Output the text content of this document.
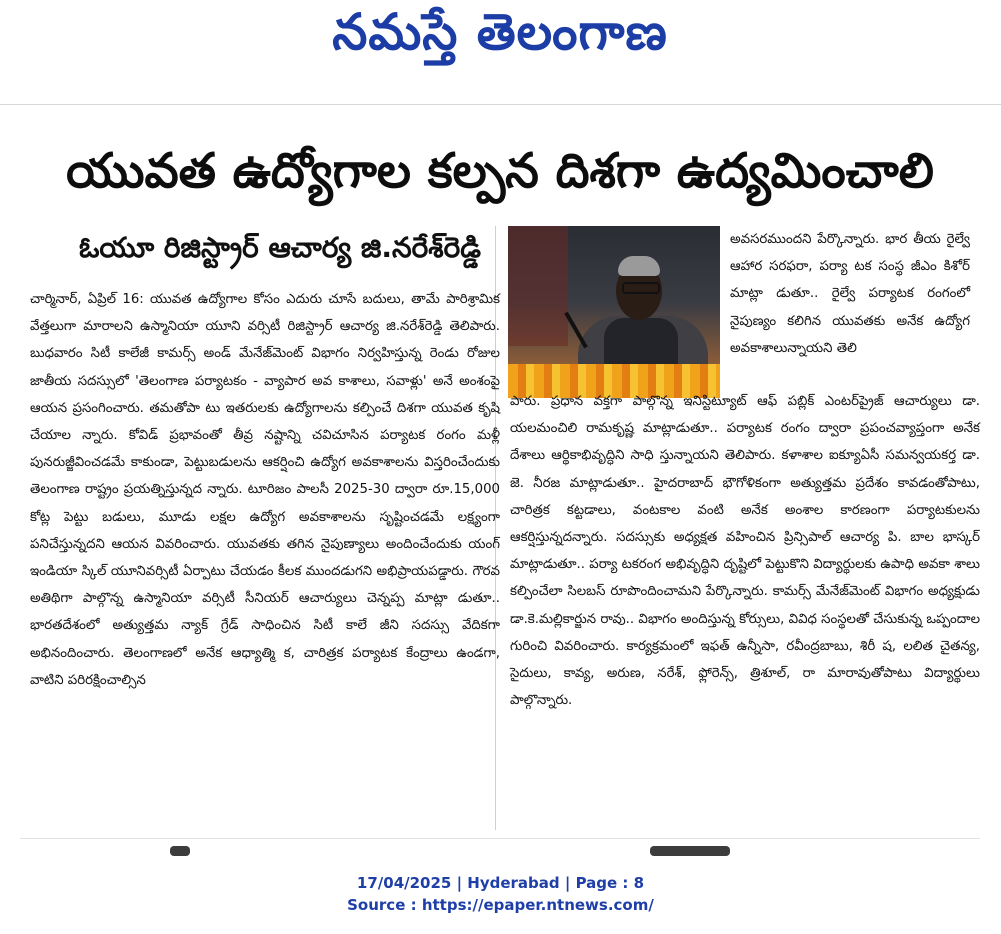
నమస్తే తెలంగాణ
యువత ఉద్యోగాల కల్పన దిశగా ఉద్యమించాలి
ఓయూ రిజిస్ట్రార్ ఆచార్య జి.నరేశ్‌రెడ్డి
చార్మినార్, ఏప్రిల్ 16: యువత ఉద్యోగాల కోసం ఎదురు చూసే బదులు, తామే పారిశ్రామిక వేత్తలుగా మారాలని ఉస్మానియా యూని వర్సిటీ రిజిస్ట్రార్ ఆచార్య జి.నరేశ్‌రెడ్డి తెలిపారు. బుధవారం సిటీ కాలేజీ కామర్స్ అండ్ మేనేజ్‌మెంట్ విభాగం నిర్వహిస్తున్న రెండు రోజుల జాతీయ సదస్సులో 'తెలంగాణ పర్యాటకం - వ్యాపార అవ కాశాలు, సవాళ్లు' అనే అంశంపై ఆయన ప్రసంగించారు. తమతోపా టు ఇతరులకు ఉద్యోగాలను కల్పించే దిశగా యువత కృషి చేయాల న్నారు. కోవిడ్ ప్రభావంతో తీవ్ర నష్టాన్ని చవిచూసిన పర్యాటక రంగం మళ్లీ పునరుజ్జీవించడమే కాకుండా, పెట్టుబడులను ఆకర్షించి ఉద్యోగ అవకాశాలను విస్తరించేందుకు తెలంగాణ రాష్ట్రం ప్రయత్నిస్తున్నద న్నారు. టూరిజం పాలసీ 2025-30 ద్వారా రూ.15,000 కోట్ల పెట్టు బడులు, మూడు లక్షల ఉద్యోగ అవకాశాలను సృష్టించడమే లక్ష్యంగా పనిచేస్తున్నదని ఆయన వివరించారు. యువతకు తగిన నైపుణ్యాలు అందించేందుకు యంగ్ ఇండియా స్కిల్ యూనివర్సిటీ ఏర్పాటు చేయడం కీలక ముందడుగని అభిప్రాయపడ్డారు. గౌరవ అతిథిగా పాల్గొన్న ఉస్మానియా వర్సిటీ సీనియర్ ఆచార్యులు చెన్నప్ప మాట్లా డుతూ.. భారతదేశంలో అత్యుత్తమ న్యాక్ గ్రేడ్ సాధించిన సిటీ కాలే జీని సదస్సు వేదికగా అభినందించారు. తెలంగాణలో అనేక ఆధ్యాత్మి క, చారిత్రక పర్యాటక కేంద్రాలు ఉండగా, వాటిని పరిరక్షించాల్సిన
అవసరముందని పేర్కొన్నారు. భార తీయ రైల్వే ఆహార సరఫరా, పర్యా టక సంస్థ జీఎం కిశోర్ మాట్లా డుతూ.. రైల్వే పర్యాటక రంగంలో నైపుణ్యం కలిగిన యువతకు అనేక ఉద్యోగ అవకాశాలున్నాయని తెలి
పారు. ప్రధాన వక్తగా పాల్గొన్న ఇనిస్టిట్యూట్ ఆఫ్ పబ్లిక్ ఎంటర్‌ప్రైజ్ ఆచార్యులు డా. యలమంచిలి రామకృష్ణ మాట్లాడుతూ.. పర్యాటక రంగం ద్వారా ప్రపంచవ్యాప్తంగా అనేక దేశాలు ఆర్థికాభివృద్ధిని సాధి స్తున్నాయని తెలిపారు. కళాశాల ఐక్యూఏసీ సమన్వయకర్త డా. జె. నీరజ మాట్లాడుతూ.. హైదరాబాద్ భౌగోళికంగా అత్యుత్తమ ప్రదేశం కావడంతోపాటు, చారిత్రక కట్టడాలు, వంటకాల వంటి అనేక అంశాల కారణంగా పర్యాటకులను ఆకర్షిస్తున్నదన్నారు. సదస్సుకు అధ్యక్షత వహించిన ప్రిన్సిపాల్ ఆచార్య పి. బాల భాస్కర్ మాట్లాడుతూ.. పర్యా టకరంగ అభివృద్ధిని దృష్టిలో పెట్టుకొని విద్యార్థులకు ఉపాధి అవకా శాలు కల్పించేలా సిలబస్ రూపొందించామని పేర్కొన్నారు. కామర్స్ మేనేజ్‌మెంట్ విభాగం అధ్యక్షుడు డా.కె.మల్లికార్జున రావు.. విభాగం అందిస్తున్న కోర్సులు, వివిధ సంస్థలతో చేసుకున్న ఒప్పందాల గురించి వివరించారు. కార్యక్రమంలో ఇఫత్ ఉన్నీసా, రవీంద్రబాబు, శిరీ ష, లలిత చైతన్య, సైదులు, కావ్య, అరుణ, నరేశ్, ఫ్లోరెన్స్, త్రిశూల్, రా మారావుతోపాటు విద్యార్థులు పాల్గొన్నారు.
17/04/2025 | Hyderabad | Page : 8
Source : https://epaper.ntnews.com/
